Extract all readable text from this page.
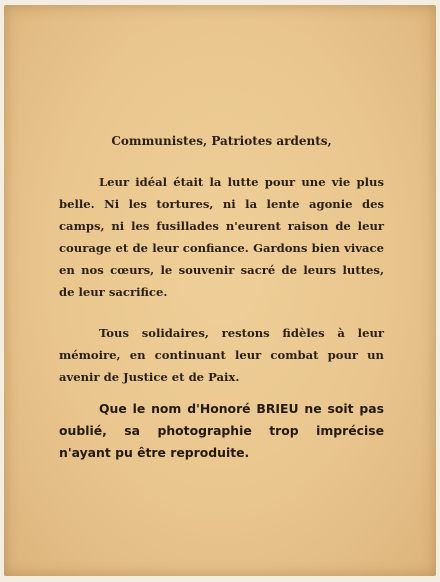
Communistes, Patriotes ardents,

Leur idéal était la lutte pour une vie plus belle. Ni les tortures, ni la lente agonie des camps, ni les fusillades n'eurent raison de leur courage et de leur confiance. Gardons bien vivace en nos cœurs, le souvenir sacré de leurs luttes, de leur sacrifice.

Tous solidaires, restons fidèles à leur mémoire, en continuant leur combat pour un avenir de Justice et de Paix.

Que le nom d'Honoré BRIEU ne soit pas oublié, sa photographie trop imprécise n'ayant pu être reproduite.
